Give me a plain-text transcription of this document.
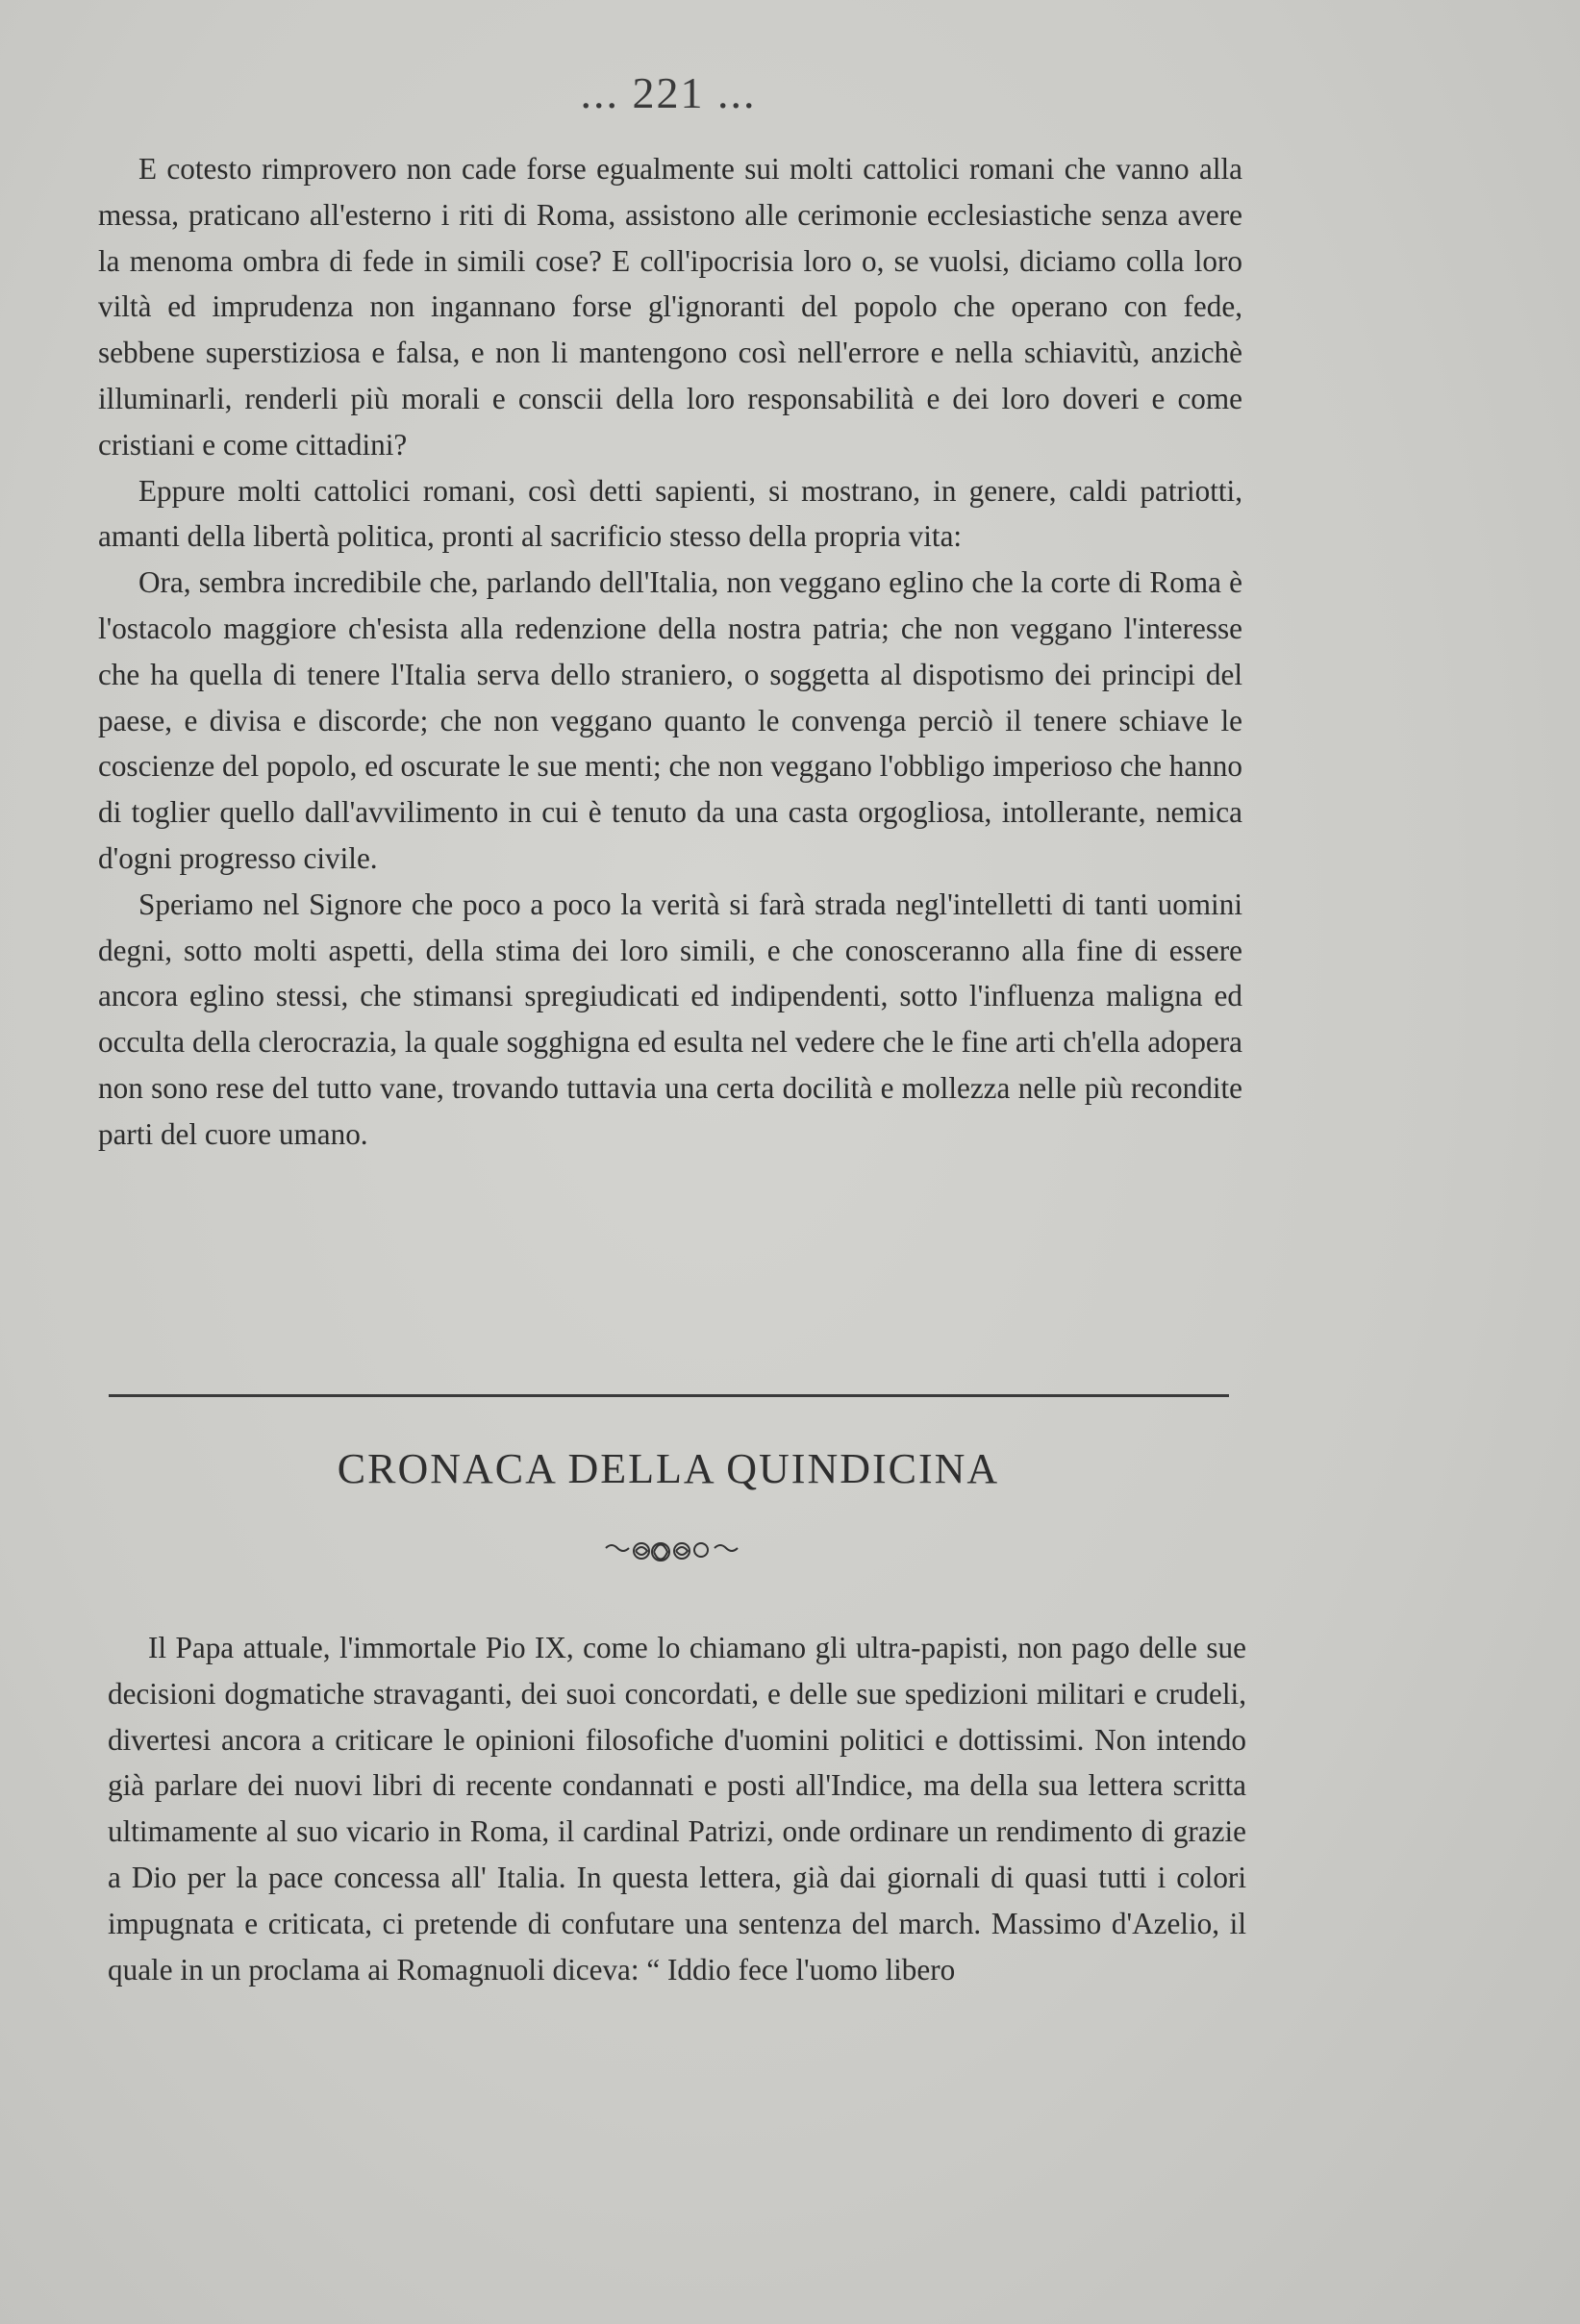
... 221 ...

E cotesto rimprovero non cade forse egualmente sui molti cattolici romani che vanno alla messa, praticano all'esterno i riti di Roma, assistono alle cerimonie ecclesiastiche senza avere la menoma ombra di fede in simili cose? E coll'ipocrisia loro o, se vuolsi, diciamo colla loro viltà ed imprudenza non ingannano forse gl'ignoranti del popolo che operano con fede, sebbene superstiziosa e falsa, e non li mantengono così nell'errore e nella schiavitù, anzichè illuminarli, renderli più morali e conscii della loro responsabilità e dei loro doveri e come cristiani e come cittadini?

Eppure molti cattolici romani, così detti sapienti, si mostrano, in genere, caldi patriotti, amanti della libertà politica, pronti al sacrificio stesso della propria vita:

Ora, sembra incredibile che, parlando dell'Italia, non veggano eglino che la corte di Roma è l'ostacolo maggiore ch'esista alla redenzione della nostra patria; che non veggano l'interesse che ha quella di tenere l'Italia serva dello straniero, o soggetta al dispotismo dei principi del paese, e divisa e discorde; che non veggano quanto le convenga perciò il tenere schiave le coscienze del popolo, ed oscurate le sue menti; che non veggano l'obbligo imperioso che hanno di toglier quello dall'avvilimento in cui è tenuto da una casta orgogliosa, intollerante, nemica d'ogni progresso civile.

Speriamo nel Signore che poco a poco la verità si farà strada negl'intelletti di tanti uomini degni, sotto molti aspetti, della stima dei loro simili, e che conosceranno alla fine di essere ancora eglino stessi, che stimansi spregiudicati ed indipendenti, sotto l'influenza maligna ed occulta della clerocrazia, la quale sogghigna ed esulta nel vedere che le fine arti ch'ella adopera non sono rese del tutto vane, trovando tuttavia una certa docilità e mollezza nelle più recondite parti del cuore umano.

CRONACA DELLA QUINDICINA

Il Papa attuale, l'immortale Pio IX, come lo chiamano gli ultra-papisti, non pago delle sue decisioni dogmatiche stravaganti, dei suoi concordati, e delle sue spedizioni militari e crudeli, divertesi ancora a criticare le opinioni filosofiche d'uomini politici e dottissimi. Non intendo già parlare dei nuovi libri di recente condannati e posti all'Indice, ma della sua lettera scritta ultimamente al suo vicario in Roma, il cardinal Patrizi, onde ordinare un rendimento di grazie a Dio per la pace concessa all' Italia. In questa lettera, già dai giornali di quasi tutti i colori impugnata e criticata, ci pretende di confutare una sentenza del march. Massimo d'Azelio, il quale in un proclama ai Romagnuoli diceva: “ Iddio fece l'uomo libero
